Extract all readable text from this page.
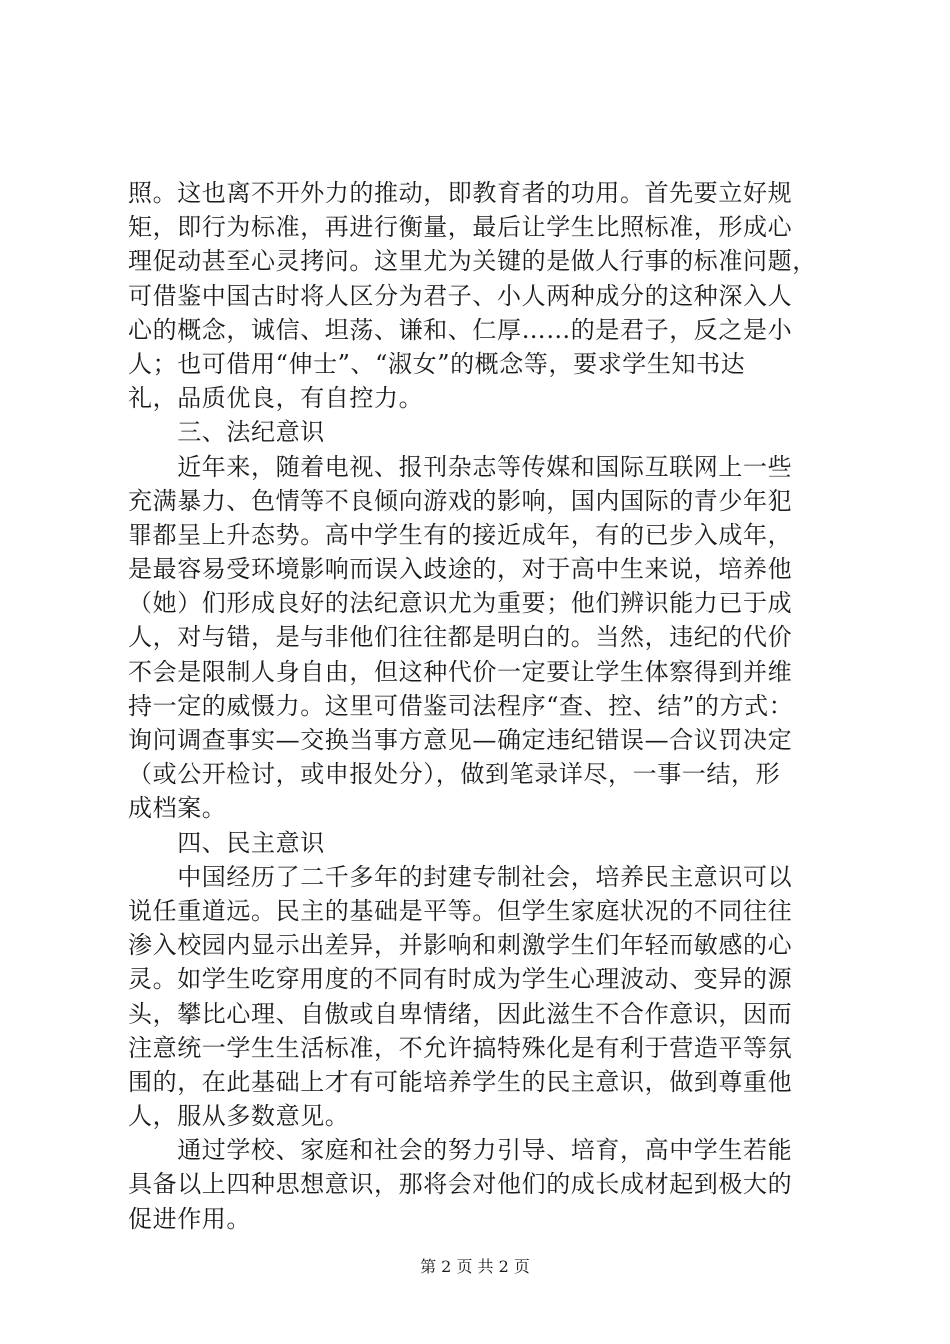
照。这也离不开外力的推动，即教育者的功用。首先要立好规
矩，即行为标准，再进行衡量，最后让学生比照标准，形成心
理促动甚至心灵拷问。这里尤为关键的是做人行事的标准问题，
可借鉴中国古时将人区分为君子、小人两种成分的这种深入人
心的概念，诚信、坦荡、谦和、仁厚……的是君子，反之是小
人；也可借用“伸士”、“淑女”的概念等，要求学生知书达
礼，品质优良，有自控力。
　　三、法纪意识
　　近年来，随着电视、报刊杂志等传媒和国际互联网上一些
充满暴力、色情等不良倾向游戏的影响，国内国际的青少年犯
罪都呈上升态势。高中学生有的接近成年，有的已步入成年，
是最容易受环境影响而误入歧途的，对于高中生来说，培养他
（她）们形成良好的法纪意识尤为重要；他们辨识能力已于成
人，对与错，是与非他们往往都是明白的。当然，违纪的代价
不会是限制人身自由，但这种代价一定要让学生体察得到并维
持一定的威慑力。这里可借鉴司法程序“查、控、结”的方式：
询问调查事实—交换当事方意见—确定违纪错误—合议罚决定
（或公开检讨，或申报处分），做到笔录详尽，一事一结，形
成档案。
　　四、民主意识
　　中国经历了二千多年的封建专制社会，培养民主意识可以
说任重道远。民主的基础是平等。但学生家庭状况的不同往往
渗入校园内显示出差异，并影响和刺激学生们年轻而敏感的心
灵。如学生吃穿用度的不同有时成为学生心理波动、变异的源
头，攀比心理、自傲或自卑情绪，因此滋生不合作意识，因而
注意统一学生生活标准，不允许搞特殊化是有利于营造平等氛
围的，在此基础上才有可能培养学生的民主意识，做到尊重他
人，服从多数意见。
　　通过学校、家庭和社会的努力引导、培育，高中学生若能
具备以上四种思想意识，那将会对他们的成长成材起到极大的
促进作用。
第 2 页 共 2 页
